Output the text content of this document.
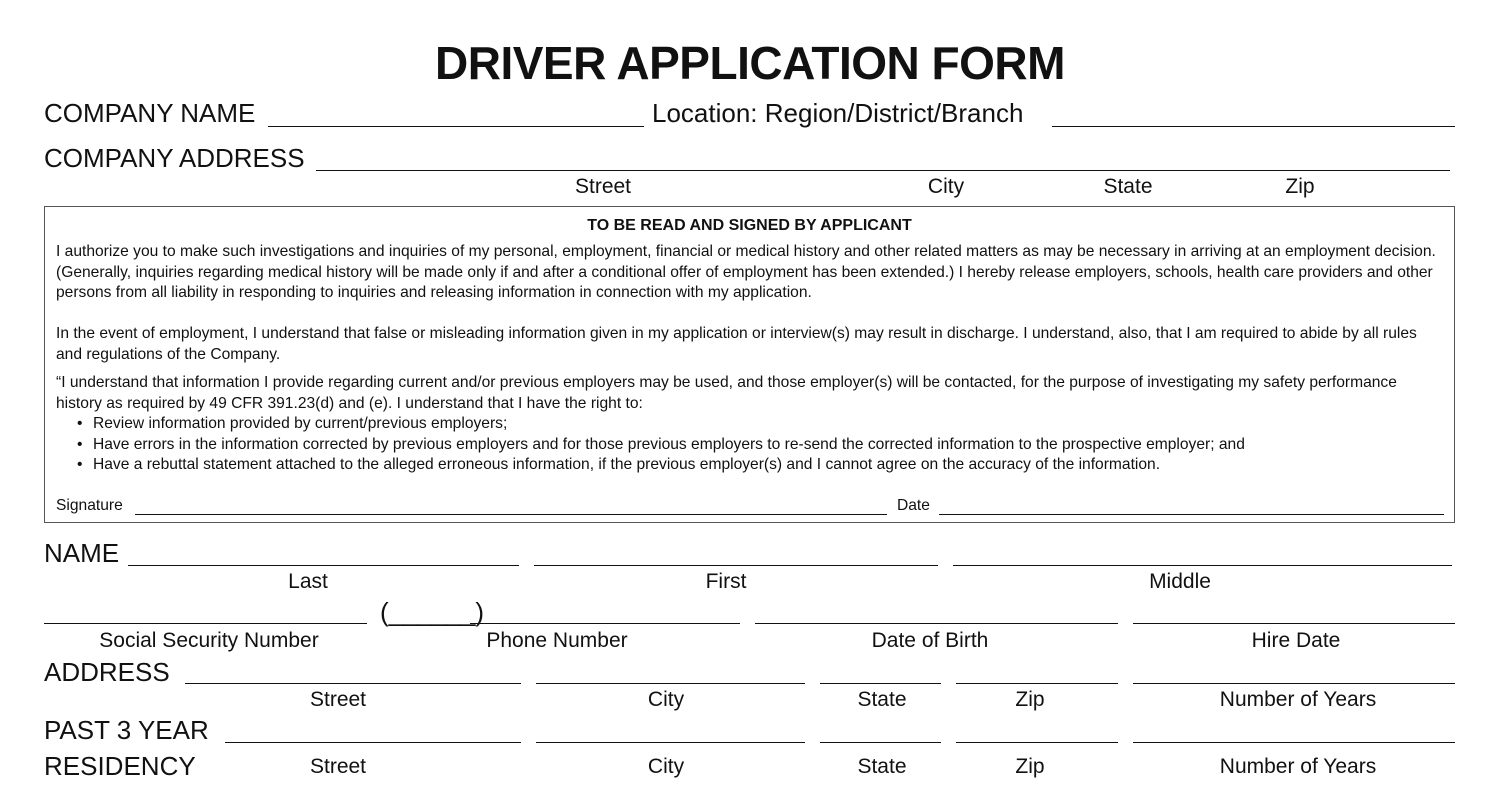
DRIVER APPLICATION FORM
COMPANY NAME	Location: Region/District/Branch
COMPANY ADDRESS
Street	City	State	Zip
TO BE READ AND SIGNED BY APPLICANT
I authorize you to make such investigations and inquiries of my personal, employment, financial or medical history and other related matters as may be necessary in arriving at an employment decision. (Generally, inquiries regarding medical history will be made only if and after a conditional offer of employment has been extended.) I hereby release employers, schools, health care providers and other persons from all liability in responding to inquiries and releasing information in connection with my application.
In the event of employment, I understand that false or misleading information given in my application or interview(s) may result in discharge. I understand, also, that I am required to abide by all rules and regulations of the Company.
“I understand that information I provide regarding current and/or previous employers may be used, and those employer(s) will be contacted, for the purpose of investigating my safety performance history as required by 49 CFR 391.23(d) and (e). I understand that I have the right to:
• Review information provided by current/previous employers;
• Have errors in the information corrected by previous employers and for those previous employers to re-send the corrected information to the prospective employer; and
• Have a rebuttal statement attached to the alleged erroneous information, if the previous employer(s) and I cannot agree on the accuracy of the information.
Signature	Date
NAME
Last	First	Middle
(______)
Social Security Number	Phone Number	Date of Birth	Hire Date
ADDRESS
Street	City	State	Zip	Number of Years
PAST 3 YEAR
RESIDENCY	Street	City	State	Zip	Number of Years
